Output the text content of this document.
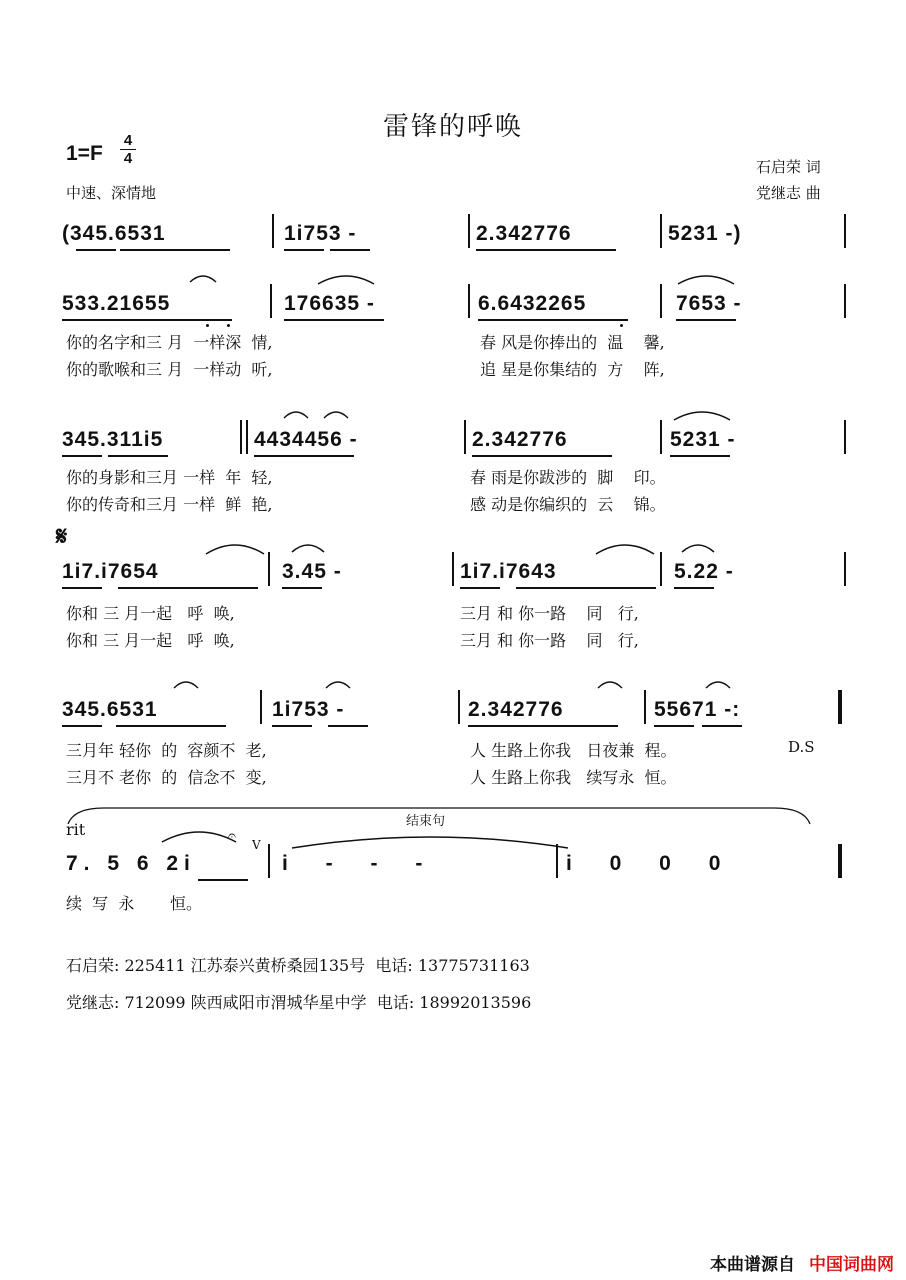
雷锋的呼唤
1=F
4
4
中速、深情地
石启荣 词
党继志 曲
(345.6531	1i753 -	2.342776	5231 -)
533.21655	176635 -	6.6432265	7653 -
你的名字和三 月  一样深  情,	春 风是你捧出的  温    馨,
你的歌喉和三 月  一样动  听,	追 星是你集结的  方    阵,
345.311i5	4434456 -	2.342776	5231 -
你的身影和三月 一样  年  轻,	春 雨是你跋涉的  脚    印。
你的传奇和三月 一样  鲜  艳,	感 动是你编织的  云    锦。
𝄋
1i7.i7654	3.45 -	1i7.i7643	5.22 -
你和 三 月一起   呼  唤,	三月 和 你一路    同   行,
你和 三 月一起   呼  唤,	三月 和 你一路    同   行,
345.6531	1i753 -	2.342776	55671 -:
三月年 轻你  的  容颜不  老,	人 生路上你我   日夜兼  程。	D.S
三月不 老你  的  信念不  变,	人 生路上你我   续写永  恒。
结束句
rit	𝄐
V
7. 5 6 2i	i - - -	i 0 0 0
续  写  永       恒。
石启荣: 225411 江苏泰兴黄桥桑园135号  电话: 13775731163
党继志: 712099 陕西咸阳市渭城华星中学  电话: 18992013596
本曲谱源自 中国词曲网
